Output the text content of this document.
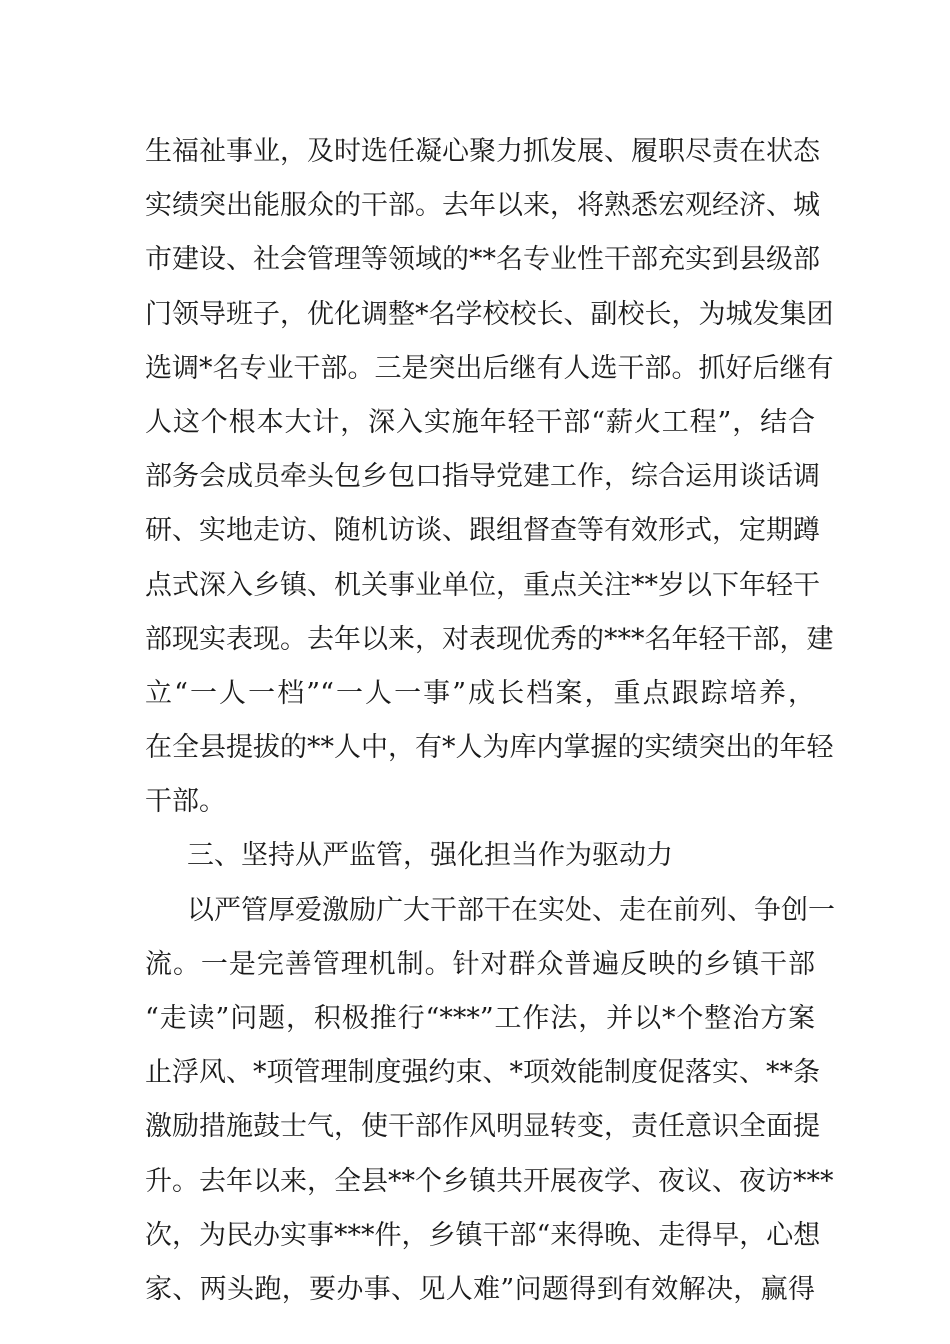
生福祉事业，及时选任凝心聚力抓发展、履职尽责在状态
实绩突出能服众的干部。去年以来，将熟悉宏观经济、城
市建设、社会管理等领域的**名专业性干部充实到县级部
门领导班子，优化调整*名学校校长、副校长，为城发集团
选调*名专业干部。三是突出后继有人选干部。抓好后继有
人这个根本大计，深入实施年轻干部“薪火工程”，结合
部务会成员牵头包乡包口指导党建工作，综合运用谈话调
研、实地走访、随机访谈、跟组督查等有效形式，定期蹲
点式深入乡镇、机关事业单位，重点关注**岁以下年轻干
部现实表现。去年以来，对表现优秀的***名年轻干部，建
立“一人一档”“一人一事”成长档案，重点跟踪培养，
在全县提拔的**人中，有*人为库内掌握的实绩突出的年轻
干部。
三、坚持从严监管，强化担当作为驱动力
以严管厚爱激励广大干部干在实处、走在前列、争创一
流。一是完善管理机制。针对群众普遍反映的乡镇干部
“走读”问题，积极推行“***”工作法，并以*个整治方案
止浮风、*项管理制度强约束、*项效能制度促落实、**条
激励措施鼓士气，使干部作风明显转变，责任意识全面提
升。去年以来，全县**个乡镇共开展夜学、夜议、夜访***
次，为民办实事***件，乡镇干部“来得晚、走得早，心想
家、两头跑，要办事、见人难”问题得到有效解决，赢得
